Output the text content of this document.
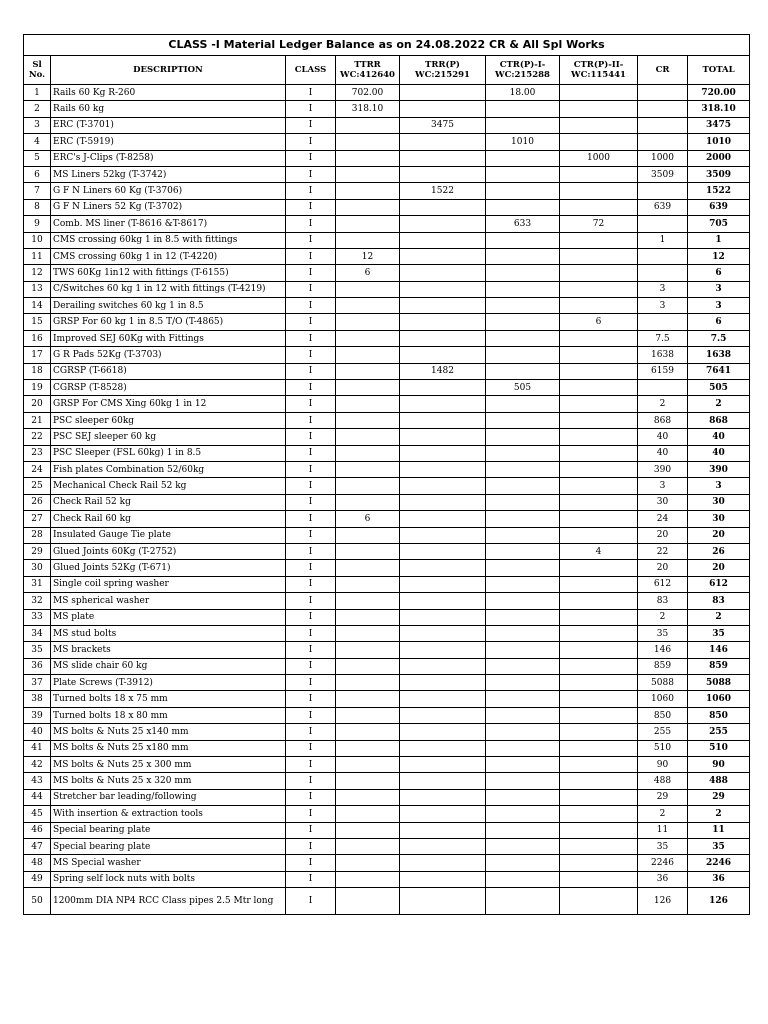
CLASS -I Material Ledger Balance as on 24.08.2022 CR & All Spl Works								
Sl No.	DESCRIPTION	CLASS	TTRR WC:412640	TRR(P) WC:215291	CTR(P)-I- WC:215288	CTR(P)-II- WC:115441	CR	TOTAL
1	Rails 60 Kg R-260	I	702.00		18.00			720.00
2	Rails 60 kg	I	318.10					318.10
3	ERC (T-3701)	I		3475				3475
4	ERC (T-5919)	I			1010			1010
5	ERC's J-Clips (T-8258)	I				1000	1000	2000
6	MS Liners 52kg (T-3742)	I					3509	3509
7	G F N Liners 60 Kg (T-3706)	I		1522				1522
8	G F N Liners 52 Kg (T-3702)	I					639	639
9	Comb. MS liner (T-8616 &T-8617)	I			633	72		705
10	CMS crossing 60kg 1 in 8.5 with fittings	I					1	1
11	CMS crossing 60kg 1 in 12 (T-4220)	I	12					12
12	TWS 60Kg 1in12 with fittings (T-6155)	I	6					6
13	C/Switches 60 kg 1 in 12 with fittings (T-4219)	I					3	3
14	Derailing switches 60 kg 1 in 8.5	I					3	3
15	GRSP For 60 kg 1 in 8.5 T/O (T-4865)	I				6		6
16	Improved SEJ 60Kg with Fittings	I					7.5	7.5
17	G R Pads 52Kg (T-3703)	I					1638	1638
18	CGRSP (T-6618)	I		1482			6159	7641
19	CGRSP (T-8528)	I			505			505
20	GRSP For CMS Xing 60kg 1 in 12	I					2	2
21	PSC sleeper 60kg	I					868	868
22	PSC SEJ sleeper 60 kg	I					40	40
23	PSC Sleeper (FSL 60kg) 1 in 8.5	I					40	40
24	Fish plates Combination 52/60kg	I					390	390
25	Mechanical Check Rail 52 kg	I					3	3
26	Check Rail 52 kg	I					30	30
27	Check Rail 60 kg	I	6				24	30
28	Insulated Gauge Tie plate	I					20	20
29	Glued Joints 60Kg (T-2752)	I				4	22	26
30	Glued Joints 52Kg (T-671)	I					20	20
31	Single coil spring washer	I					612	612
32	MS spherical washer	I					83	83
33	MS plate	I					2	2
34	MS stud bolts	I					35	35
35	MS brackets	I					146	146
36	MS slide chair 60 kg	I					859	859
37	Plate Screws (T-3912)	I					5088	5088
38	Turned bolts 18 x 75 mm	I					1060	1060
39	Turned bolts 18 x 80 mm	I					850	850
40	MS bolts & Nuts 25 x140 mm	I					255	255
41	MS bolts & Nuts 25 x180 mm	I					510	510
42	MS bolts & Nuts 25 x 300 mm	I					90	90
43	MS bolts & Nuts 25 x 320 mm	I					488	488
44	Stretcher bar leading/following	I					29	29
45	With insertion & extraction tools	I					2	2
46	Special bearing plate	I					11	11
47	Special bearing plate	I					35	35
48	MS Special washer	I					2246	2246
49	Spring self lock nuts with bolts	I					36	36
50	1200mm DIA NP4 RCC Class pipes 2.5 Mtr long	I					126	126
